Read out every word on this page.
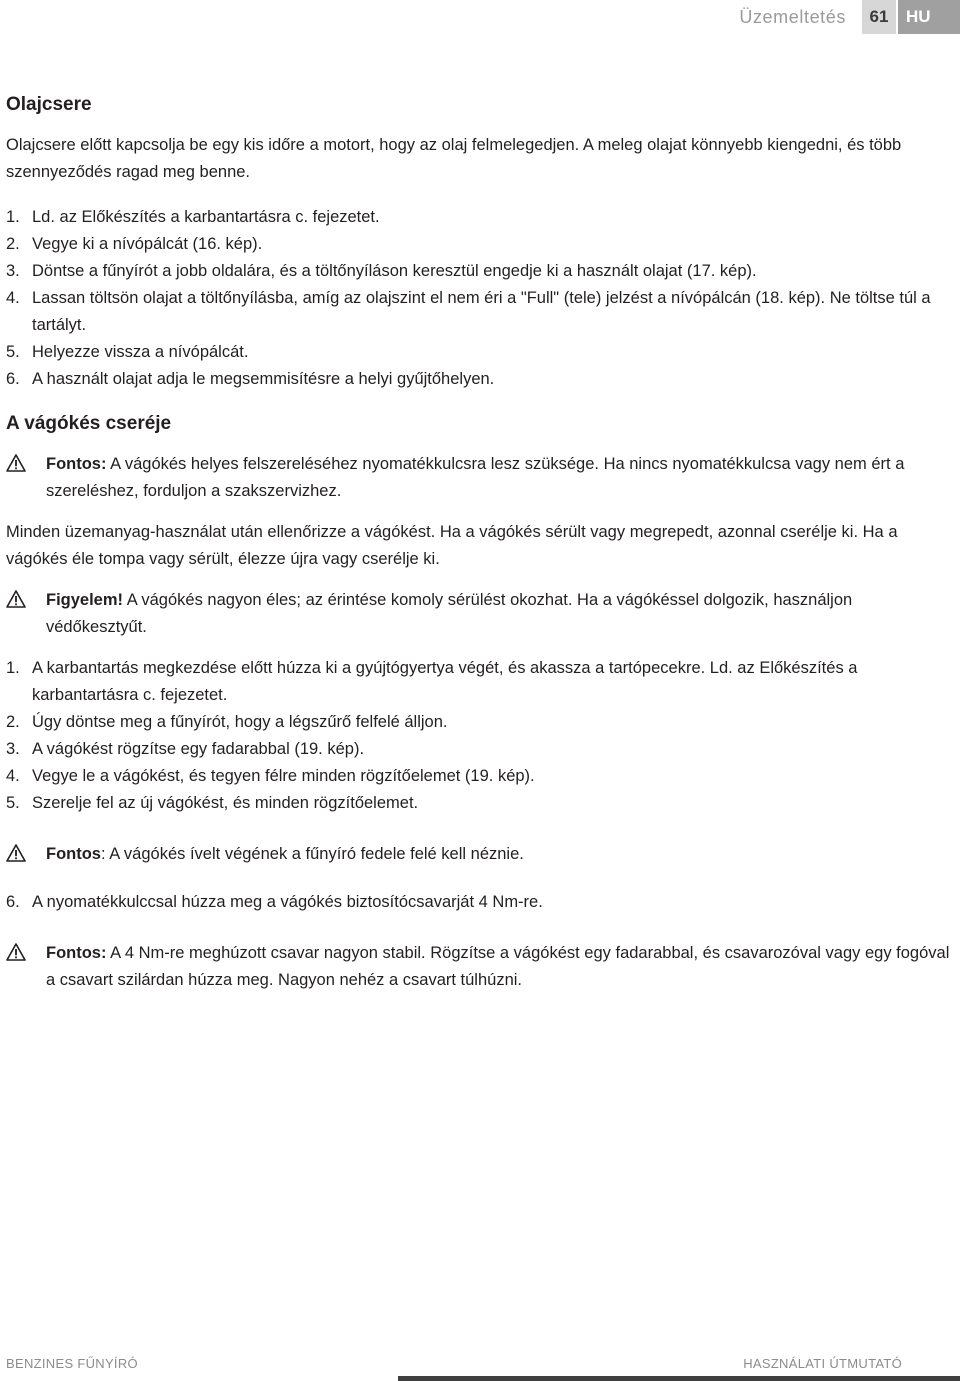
Üzemeltetés	61	HU
Olajcsere

Olajcsere előtt kapcsolja be egy kis időre a motort, hogy az olaj felmelegedjen. A meleg olajat könnyebb kiengedni, és több szennyeződés ragad meg benne.

1. Ld. az Előkészítés a karbantartásra c. fejezetet.
2. Vegye ki a nívópálcát (16. kép).
3. Döntse a fűnyírót a jobb oldalára, és a töltőnyíláson keresztül engedje ki a használt olajat (17. kép).
4. Lassan töltsön olajat a töltőnyílásba, amíg az olajszint el nem éri a "Full" (tele) jelzést a nívópálcán (18. kép). Ne töltse túl a tartályt.
5. Helyezze vissza a nívópálcát.
6. A használt olajat adja le megsemmisítésre a helyi gyűjtőhelyen.
A vágókés cseréje
Fontos: A vágókés helyes felszereléséhez nyomatékkulcsra lesz szüksége. Ha nincs nyomatékkulcsa vagy nem ért a szereléshez, forduljon a szakszervizhez.

Minden üzemanyag-használat után ellenőrizze a vágókést. Ha a vágókés sérült vagy megrepedt, azonnal cserélje ki. Ha a vágókés éle tompa vagy sérült, élezze újra vagy cserélje ki.

Figyelem! A vágókés nagyon éles; az érintése komoly sérülést okozhat. Ha a vágókéssel dolgozik, használjon védőkesztyűt.
1. A karbantartás megkezdése előtt húzza ki a gyújtógyertya végét, és akassza a tartópecekre. Ld. az Előkészítés a karbantartásra c. fejezetet.
2. Úgy döntse meg a fűnyírót, hogy a légszűrő felfelé álljon.
3. A vágókést rögzítse egy fadarabbal (19. kép).
4. Vegye le a vágókést, és tegyen félre minden rögzítőelemet (19. kép).
5. Szerelje fel az új vágókést, és minden rögzítőelemet.
Fontos: A vágókés ívelt végének a fűnyíró fedele felé kell néznie.
6. A nyomatékkulccsal húzza meg a vágókés biztosítócsavarját 4 Nm-re.
Fontos: A 4 Nm-re meghúzott csavar nagyon stabil. Rögzítse a vágókést egy fadarabbal, és csavarozóval vagy egy fogóval a csavart szilárdan húzza meg. Nagyon nehéz a csavart túlhúzni.
BENZINES FŰNYÍRÓ	HASZNÁLATI ÚTMUTATÓ
